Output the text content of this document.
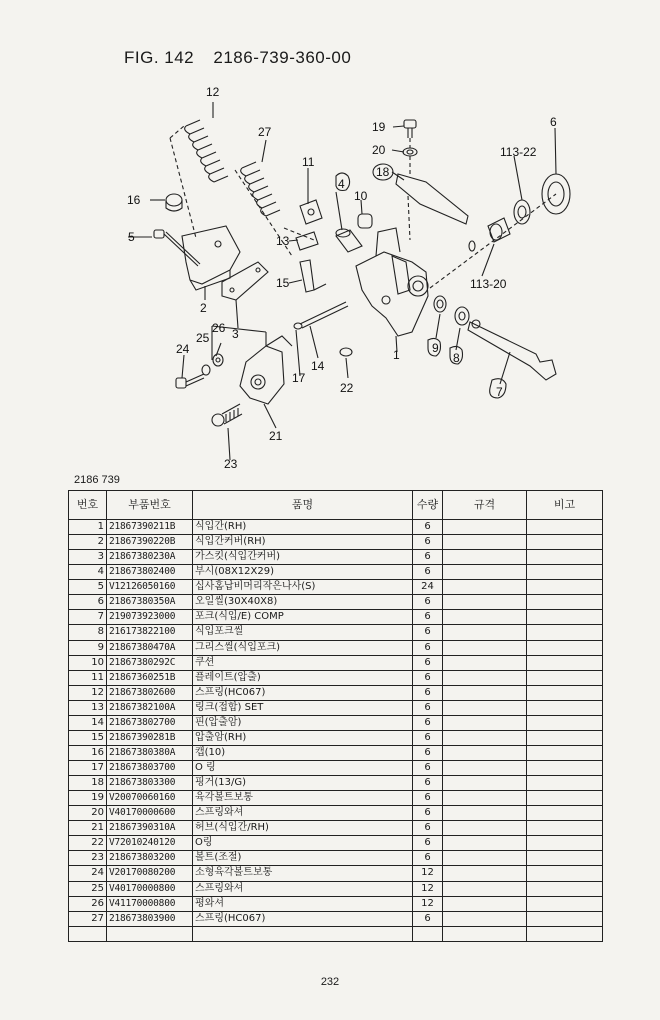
FIG. 142 2186-739-360-00
12
27
11
19
20
18
113-22
6
16
5
4
10
13
15
2
3
26
25
24
17
14
1	9
8
7
22
21
23
113-20
2186 739
번호	부품번호	품명	수량	규격	비고
1	21867390211B	식입간(RH)	6		
2	21867390220B	식입간커버(RH)	6		
3	21867380230A	가스킷(식입간커버)	6		
4	218673802400	부시(08X12X29)	6		
5	V12126050160	십사홈납비머리작은나사(S)	24		
6	21867380350A	오일씰(30X40X8)	6		
7	219073923000	포크(식입/E) COMP	6		
8	216173822100	식입포크씰	6		
9	21867380470A	그리스씰(식입포크)	6		
10	21867380292C	쿠션	6		
11	21867360251B	플레이트(압출)	6		
12	218673802600	스프링(HC067)	6		
13	21867382100A	링크(접합) SET	6		
14	218673802700	핀(압출암)	6		
15	21867390281B	압출암(RH)	6		
16	21867380380A	캡(10)	6		
17	218673803700	O 링	6		
18	218673803300	핑거(13/G)	6		
19	V20070060160	육각볼트보통	6		
20	V40170000600	스프링와셔	6		
21	21867390310A	허브(식입간/RH)	6		
22	V72010240120	O링	6		
23	218673803200	볼트(조절)	6		
24	V20170080200	소형육각볼트보통	12		
25	V40170000800	스프링와셔	12		
26	V41170000800	평와셔	12		
27	218673803900	스프링(HC067)	6		

232
